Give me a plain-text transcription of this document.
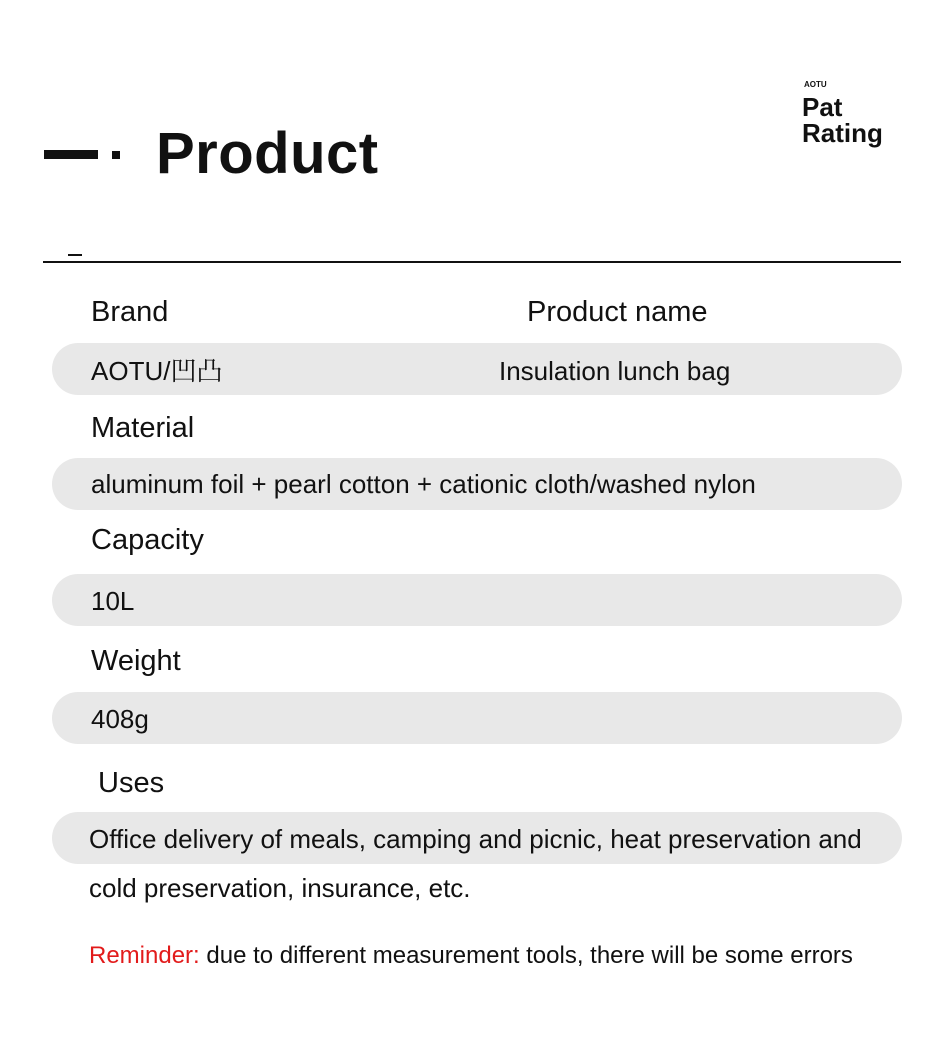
Product
AOTU
Pat
Rating
Brand	Product name
AOTU/凹凸	Insulation lunch bag
Material
aluminum foil + pearl cotton + cationic cloth/washed nylon
Capacity
10L
Weight
408g
Uses
Office delivery of meals, camping and picnic, heat preservation and
cold preservation, insurance, etc.
Reminder: due to different measurement tools, there will be some errors
